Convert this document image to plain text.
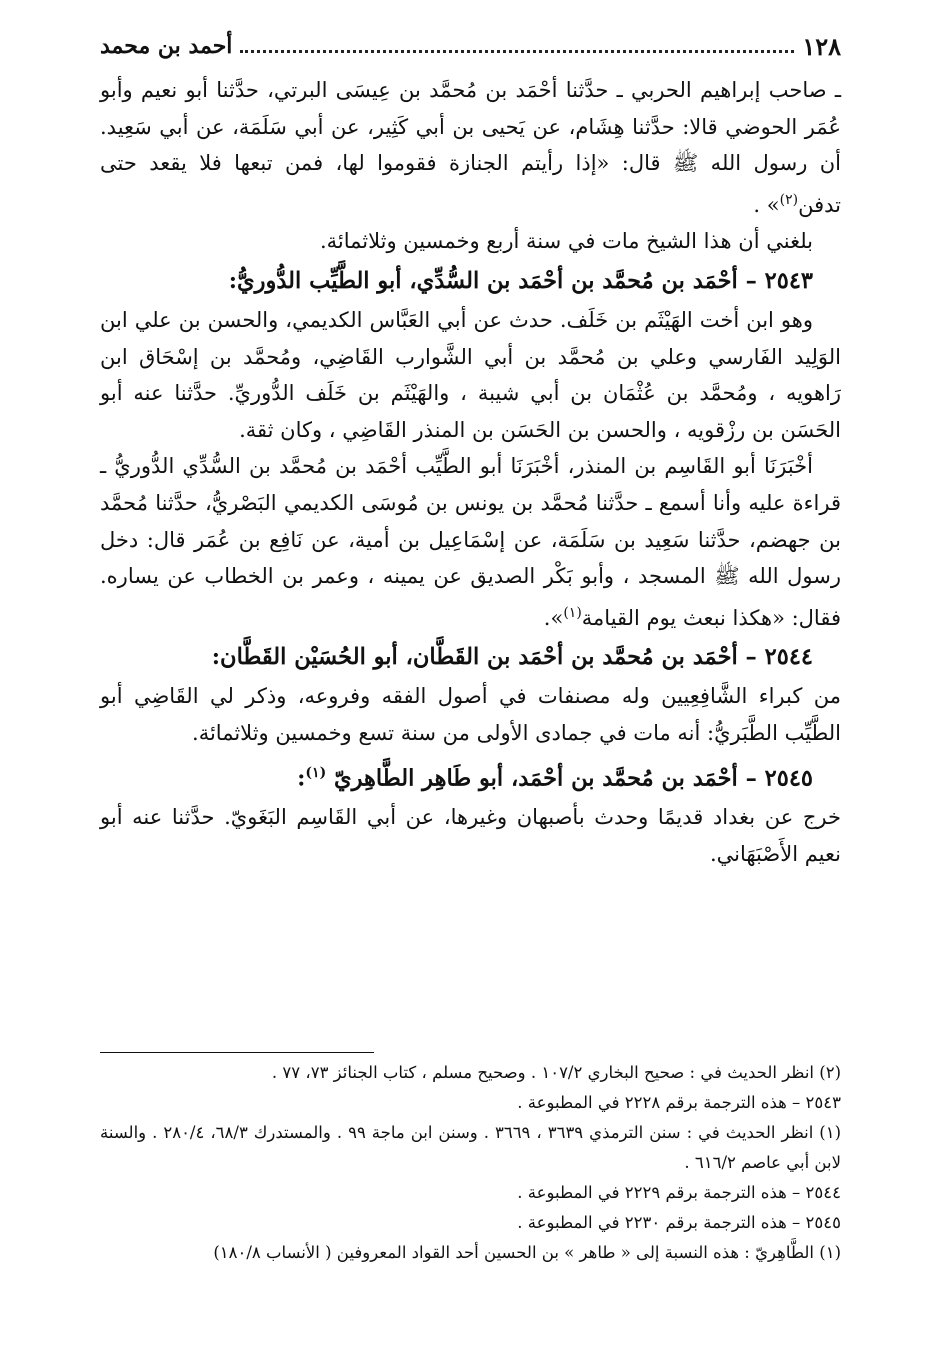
١٢٨
أحمد بن محمد

ـ صاحب إبراهيم الحربي ـ حدَّثنا أحْمَد بن مُحمَّد بن عِيسَى البرتي، حدَّثنا أبو نعيم وأبو عُمَر الحوضي قالا: حدَّثنا هِشَام، عن يَحيى بن أبي كَثِير، عن أبي سَلَمَة، عن أبي سَعِيد. أن رسول الله ﷺ قال: «إذا رأيتم الجنازة فقوموا لها، فمن تبعها فلا يقعد حتى تدفن$^{(٢)}$» .

بلغني أن هذا الشيخ مات في سنة أربع وخمسين وثلاثمائة.

٢٥٤٣ – أحْمَد بن مُحمَّد بن أحْمَد بن السُّدِّي، أبو الطَّيِّب الدُّوريُّ:

وهو ابن أخت الهَيْثَم بن خَلَف. حدث عن أبي العَبَّاس الكديمي، والحسن بن علي ابن الوَلِيد الفَارسي وعلي بن مُحمَّد بن أبي الشَّوارب القَاضِي، ومُحمَّد بن إسْحَاق ابن رَاهويه ، ومُحمَّد بن عُثْمَان بن أبي شيبة ، والهَيْثَم بن خَلَف الدُّوريِّ. حدَّثنا عنه أبو الحَسَن بن رزْقويه ، والحسن بن الحَسَن بن المنذر القَاضِي ، وكان ثقة.

أخْبَرَنَا أبو القَاسِم بن المنذر، أخْبَرَنَا أبو الطَّيِّب أحْمَد بن مُحمَّد بن السُّدِّي الدُّوريُّ ـ قراءة عليه وأنا أسمع ـ حدَّثنا مُحمَّد بن يونس بن مُوسَى الكديمي البَصْريُّ، حدَّثنا مُحمَّد بن جهضم، حدَّثنا سَعِيد بن سَلَمَة، عن إسْمَاعِيل بن أمية، عن نَافِع بن عُمَر قال: دخل رسول الله ﷺ المسجد ، وأبو بَكْر الصديق عن يمينه ، وعمر بن الخطاب عن يساره. فقال: «هكذا نبعث يوم القيامة$^{(١)}$».

٢٥٤٤ – أحْمَد بن مُحمَّد بن أحْمَد بن القَطَّان، أبو الحُسَيْن القَطَّان:

من كبراء الشَّافِعِيين وله مصنفات في أصول الفقه وفروعه، وذكر لي القَاضِي أبو الطَّيِّب الطَّبَريُّ: أنه مات في جمادى الأولى من سنة تسع وخمسين وثلاثمائة.

٢٥٤٥ – أحْمَد بن مُحمَّد بن أحْمَد، أبو طَاهِر الطَّاهِريّ $^{(١)}$:

خرج عن بغداد قديمًا وحدث بأصبهان وغيرها، عن أبي القَاسِم البَغَويّ. حدَّثنا عنه أبو نعيم الأَصْبَهَاني.

(٢) انظر الحديث في : صحيح البخاري ١٠٧/٢ . وصحيح مسلم ، كتاب الجنائز ٧٣، ٧٧ .

٢٥٤٣ – هذه الترجمة برقم ٢٢٢٨ في المطبوعة .

(١) انظر الحديث في : سنن الترمذي ٣٦٣٩ ، ٣٦٦٩ . وسنن ابن ماجة ٩٩ . والمستدرك ٦٨/٣، ٢٨٠/٤ . والسنة لابن أبي عاصم ٦١٦/٢ .

٢٥٤٤ – هذه الترجمة برقم ٢٢٢٩ في المطبوعة .

٢٥٤٥ – هذه الترجمة برقم ٢٢٣٠ في المطبوعة .

(١) الطَّاهِريّ : هذه النسبة إلى « طاهر » بن الحسين أحد القواد المعروفين ( الأنساب ١٨٠/٨)
